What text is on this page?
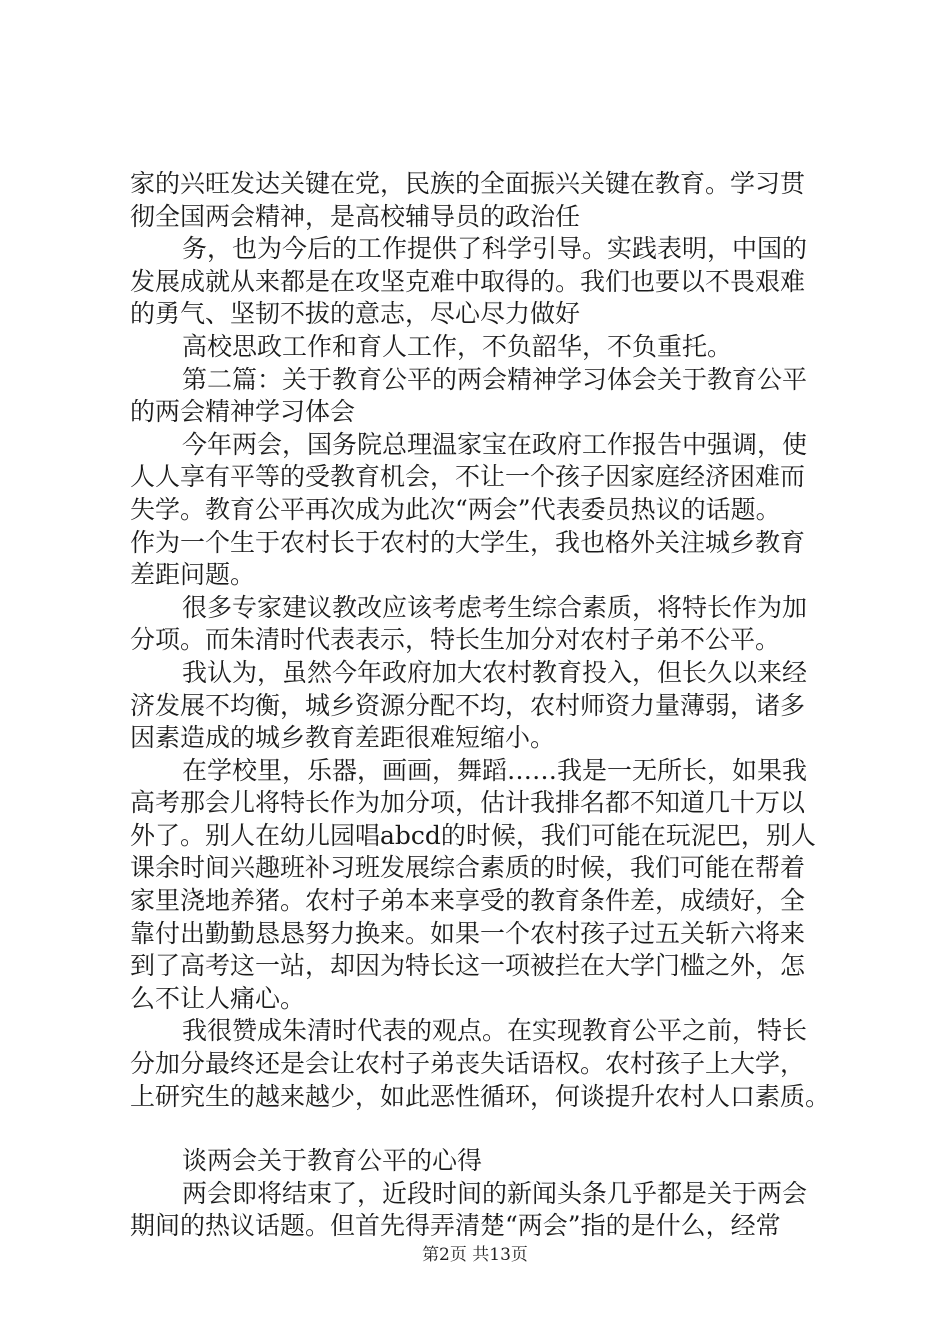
家的兴旺发达关键在党，民族的全面振兴关键在教育。学习贯
彻全国两会精神，是高校辅导员的政治任
务，也为今后的工作提供了科学引导。实践表明，中国的
发展成就从来都是在攻坚克难中取得的。我们也要以不畏艰难
的勇气、坚韧不拔的意志，尽心尽力做好
高校思政工作和育人工作，不负韶华，不负重托。
第二篇：关于教育公平的两会精神学习体会关于教育公平
的两会精神学习体会
今年两会，国务院总理温家宝在政府工作报告中强调，使
人人享有平等的受教育机会，不让一个孩子因家庭经济困难而
失学。教育公平再次成为此次“两会”代表委员热议的话题。
作为一个生于农村长于农村的大学生，我也格外关注城乡教育
差距问题。
很多专家建议教改应该考虑考生综合素质，将特长作为加
分项。而朱清时代表表示，特长生加分对农村子弟不公平。
我认为，虽然今年政府加大农村教育投入，但长久以来经
济发展不均衡，城乡资源分配不均，农村师资力量薄弱，诸多
因素造成的城乡教育差距很难短缩小。
在学校里，乐器，画画，舞蹈……我是一无所长，如果我
高考那会儿将特长作为加分项，估计我排名都不知道几十万以
外了。别人在幼儿园唱abcd的时候，我们可能在玩泥巴，别人
课余时间兴趣班补习班发展综合素质的时候，我们可能在帮着
家里浇地养猪。农村子弟本来享受的教育条件差，成绩好，全
靠付出勤勤恳恳努力换来。如果一个农村孩子过五关斩六将来
到了高考这一站，却因为特长这一项被拦在大学门槛之外，怎
么不让人痛心。
我很赞成朱清时代表的观点。在实现教育公平之前，特长
分加分最终还是会让农村子弟丧失话语权。农村孩子上大学，
上研究生的越来越少，如此恶性循环，何谈提升农村人口素质。
谈两会关于教育公平的心得
两会即将结束了，近段时间的新闻头条几乎都是关于两会
期间的热议话题。但首先得弄清楚“两会”指的是什么，经常
第2页 共13页
